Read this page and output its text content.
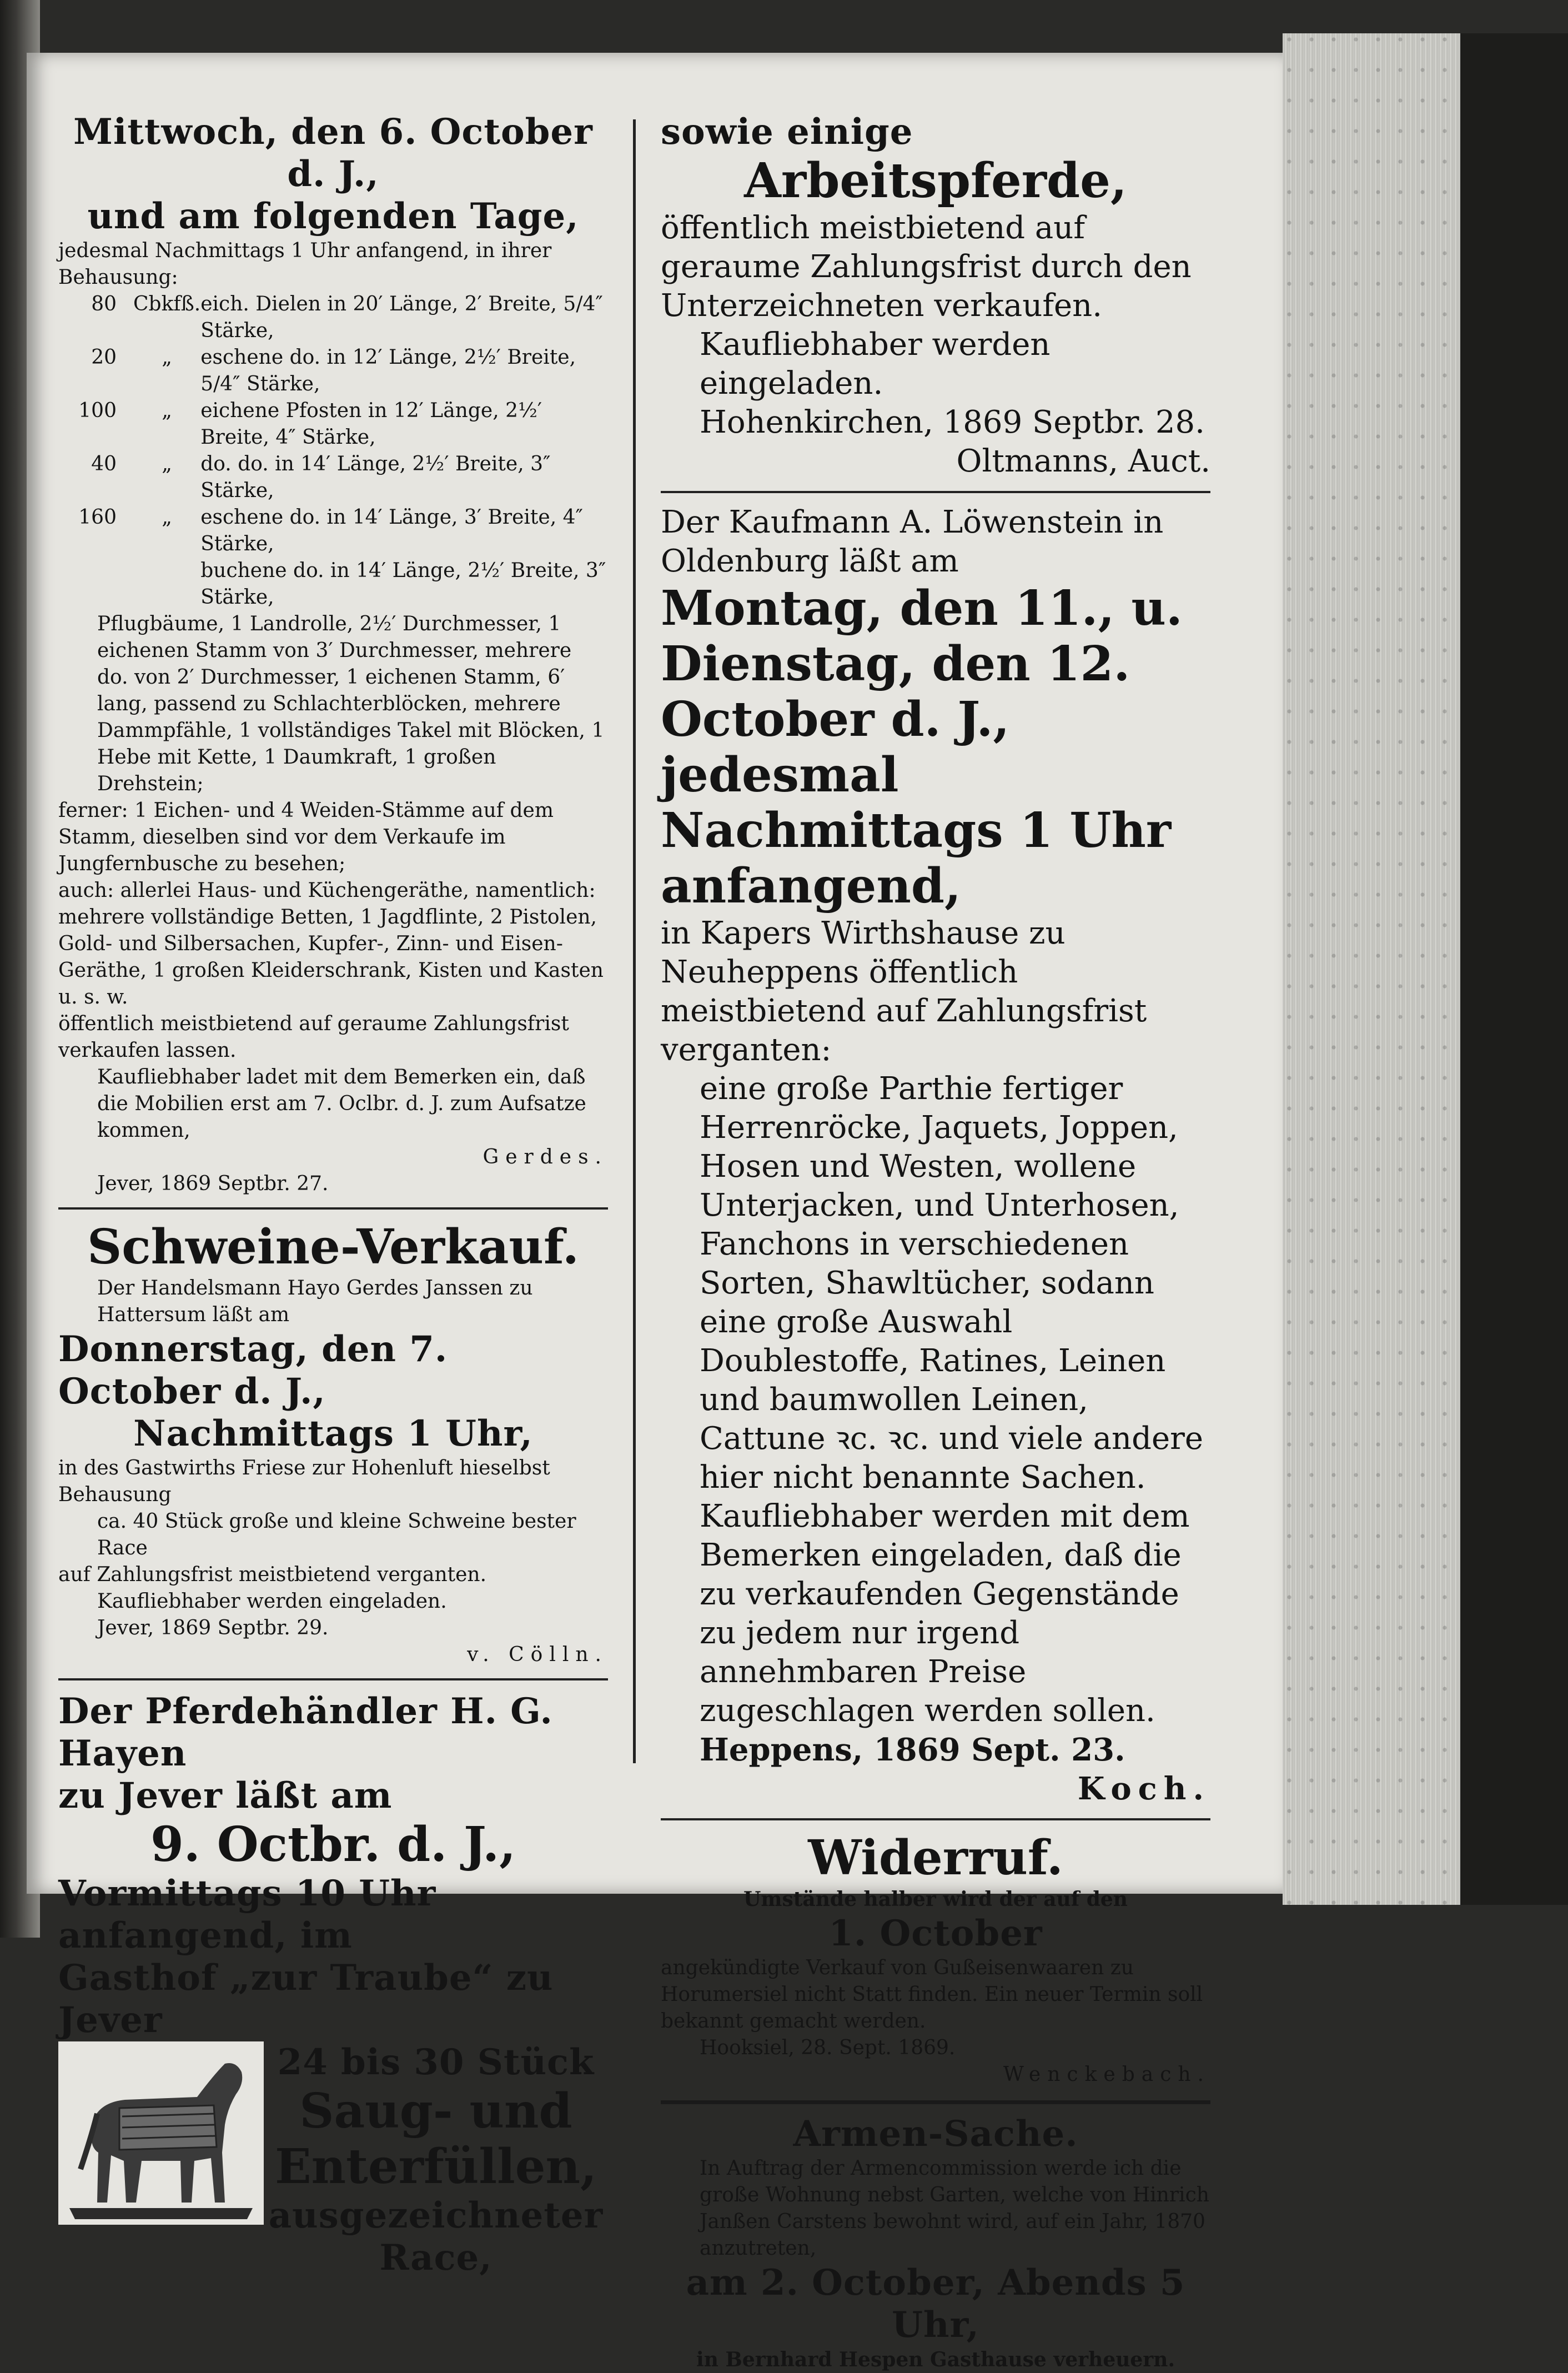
Mittwoch, den 6. October d. J.,

und am folgenden Tage,

jedesmal Nachmittags 1 Uhr anfangend, in ihrer Behausung:

80	Cbkfß.	eich. Dielen in 20′ Länge, 2′ Breite, 5/4″ Stärke,
20	„	eschene do. in 12′ Länge, 2½′ Breite, 5/4″ Stärke,
100	„	eichene Pfosten in 12′ Länge, 2½′ Breite, 4″ Stärke,
40	„	do. do. in 14′ Länge, 2½′ Breite, 3″ Stärke,
160	„	eschene do. in 14′ Länge, 3′ Breite, 4″ Stärke,
		buchene do. in 14′ Länge, 2½′ Breite, 3″ Stärke,

Pflugbäume, 1 Landrolle, 2½′ Durchmesser, 1 eichenen Stamm von 3′ Durchmesser, mehrere do. von 2′ Durchmesser, 1 eichenen Stamm, 6′ lang, passend zu Schlachterblöcken, mehrere Dammpfähle, 1 vollständiges Takel mit Blöcken, 1 Hebe mit Kette, 1 Daumkraft, 1 großen Drehstein;

ferner: 1 Eichen- und 4 Weiden-Stämme auf dem Stamm, dieselben sind vor dem Verkaufe im Jungfernbusche zu besehen;

auch: allerlei Haus- und Küchengeräthe, namentlich: mehrere vollständige Betten, 1 Jagdflinte, 2 Pistolen, Gold- und Silbersachen, Kupfer-, Zinn- und Eisen-Geräthe, 1 großen Kleiderschrank, Kisten und Kasten u. s. w.

öffentlich meistbietend auf geraume Zahlungsfrist verkaufen lassen.

Kaufliebhaber ladet mit dem Bemerken ein, daß die Mobilien erst am 7. Oclbr. d. J. zum Aufsatze kommen,

Gerdes.

Jever, 1869 Septbr. 27.

Schweine-Verkauf.

Der Handelsmann Hayo Gerdes Janssen zu Hattersum läßt am

Donnerstag, den 7. October d. J.,

Nachmittags 1 Uhr,

in des Gastwirths Friese zur Hohenluft hieselbst Behausung

ca. 40 Stück große und kleine Schweine bester Race

auf Zahlungsfrist meistbietend verganten.

Kaufliebhaber werden eingeladen.

Jever, 1869 Septbr. 29.

v. Cölln.

Der Pferdehändler H. G. Hayen

zu Jever läßt am

9. Octbr. d. J.,

Vormittags 10 Uhr anfangend, im

Gasthof „zur Traube“ zu Jever

24 bis 30 Stück

Saug- und

Enterfüllen,

ausgezeichneter Race,

sowie einige

Arbeitspferde,

öffentlich meistbietend auf geraume Zahlungsfrist durch den Unterzeichneten verkaufen.

Kaufliebhaber werden eingeladen.

Hohenkirchen, 1869 Septbr. 28.

Oltmanns, Auct.

Der Kaufmann A. Löwenstein in Oldenburg läßt am

Montag, den 11., u. Dienstag, den 12. October d. J., jedesmal Nachmittags 1 Uhr anfangend,

in Kapers Wirthshause zu Neuheppens öffentlich meistbietend auf Zahlungsfrist verganten:

eine große Parthie fertiger Herrenröcke, Jaquets, Joppen, Hosen und Westen, wollene Unterjacken, und Unterhosen, Fanchons in verschiedenen Sorten, Shawltücher, sodann eine große Auswahl Doublestoffe, Ratines, Leinen und baumwollen Leinen, Cattune ꝛc. ꝛc. und viele andere hier nicht benannte Sachen.

Kaufliebhaber werden mit dem Bemerken eingeladen, daß die zu verkaufenden Gegenstände zu jedem nur irgend annehmbaren Preise zugeschlagen werden sollen.

Heppens, 1869 Sept. 23.

Koch.

Widerruf.

Umstände halber wird der auf den

1. October

angekündigte Verkauf von Gußeisenwaaren zu Horumersiel nicht Statt finden. Ein neuer Termin soll bekannt gemacht werden.

Hooksiel, 28. Sept. 1869.

Wenckebach.

Armen-Sache.

In Auftrag der Armencommission werde ich die große Wohnung nebst Garten, welche von Hinrich Janßen Carstens bewohnt wird, auf ein Jahr, 1870 anzutreten,

am 2. October, Abends 5 Uhr,

in Bernhard Hespen Gasthause verheuern.
